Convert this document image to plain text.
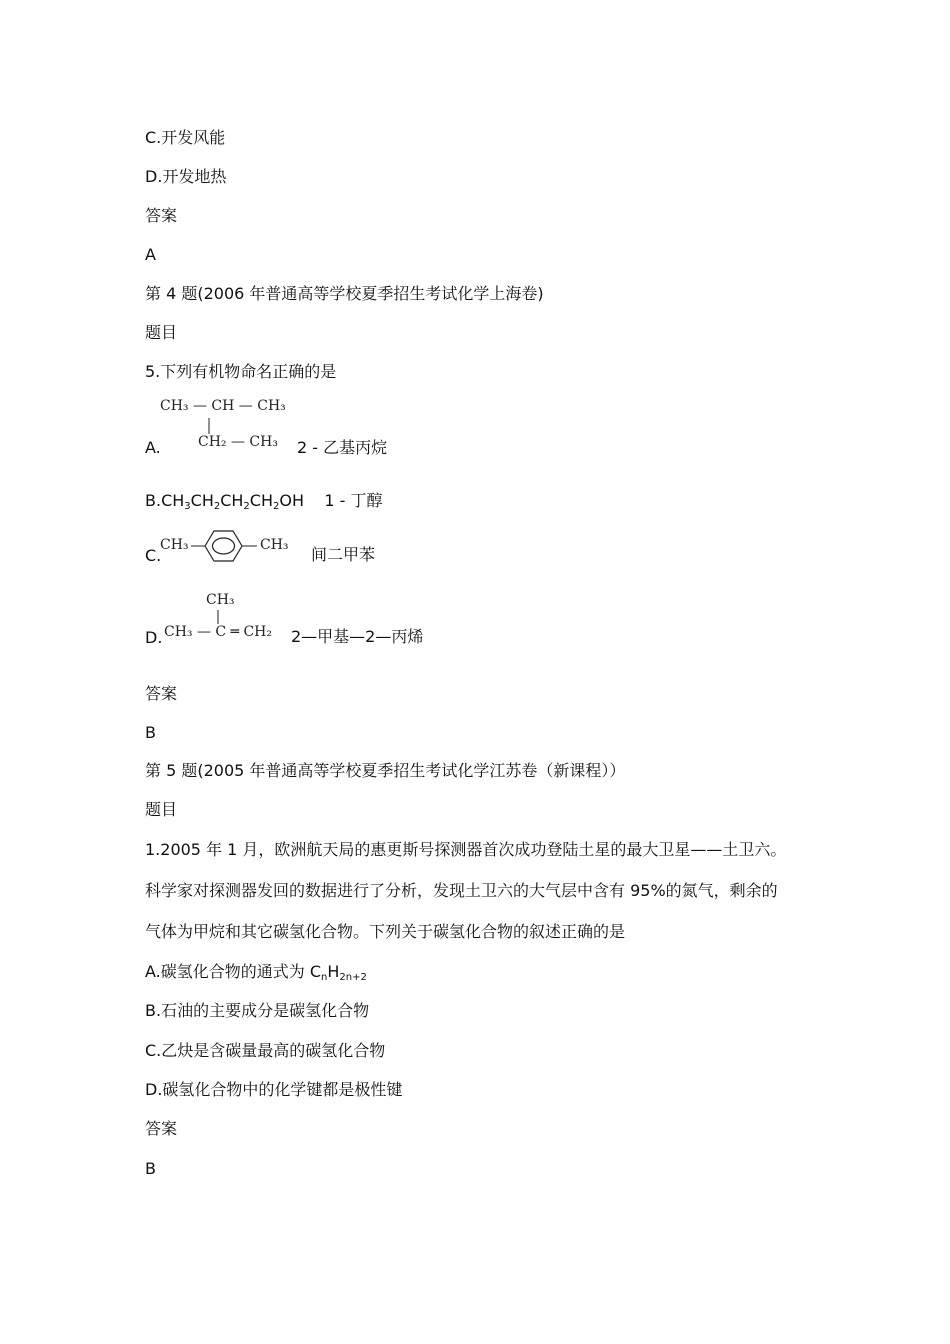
C.开发风能
D.开发地热
答案
A
第 4 题(2006 年普通高等学校夏季招生考试化学上海卷)
题目
5.下列有机物命名正确的是
A.
CH₃ — CH — CH₃
CH₂ — CH₃ 2 - 乙基丙烷
$B.CH_3CH_2CH_2CH_2OH$    1 - 丁醇
C.
CH₃	CH₃ 间二甲苯
D.
CH₃
CH₃ — C ═ CH₂ 2—甲基—2—丙烯
答案
B
第 5 题(2005 年普通高等学校夏季招生考试化学江苏卷（新课程））
题目
1.2005 年 1 月，欧洲航天局的惠更斯号探测器首次成功登陆土星的最大卫星——土卫六。
科学家对探测器发回的数据进行了分析，发现土卫六的大气层中含有 95%的氮气，剩余的
气体为甲烷和其它碳氢化合物。下列关于碳氢化合物的叙述正确的是
A.碳氢化合物的通式为 $C_nH_{2n+2}$
B.石油的主要成分是碳氢化合物
C.乙炔是含碳量最高的碳氢化合物
D.碳氢化合物中的化学键都是极性键
答案
B
